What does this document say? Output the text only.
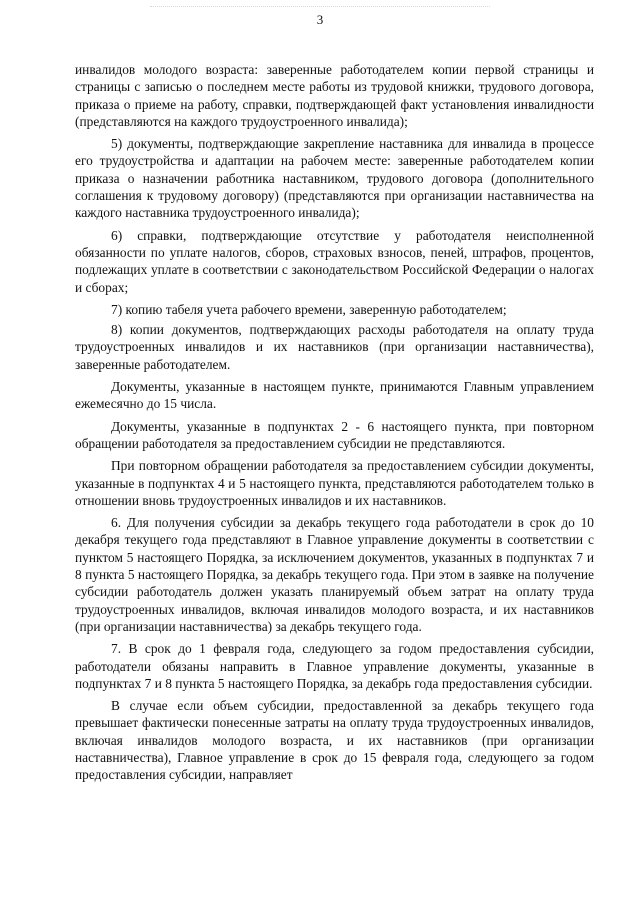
3

инвалидов молодого возраста: заверенные работодателем копии первой страницы и страницы с записью о последнем месте работы из трудовой книжки, трудового договора, приказа о приеме на работу, справки, подтверждающей факт установления инвалидности (представляются на каждого трудоустроенного инвалида);

5) документы, подтверждающие закрепление наставника для инвалида в процессе его трудоустройства и адаптации на рабочем месте: заверенные работодателем копии приказа о назначении работника наставником, трудового договора (дополнительного соглашения к трудовому договору) (представляются при организации наставничества на каждого наставника трудоустроенного инвалида);

6) справки, подтверждающие отсутствие у работодателя неисполненной обязанности по уплате налогов, сборов, страховых взносов, пеней, штрафов, процентов, подлежащих уплате в соответствии с законодательством Российской Федерации о налогах и сборах;

7) копию табеля учета рабочего времени, заверенную работодателем;

8) копии документов, подтверждающих расходы работодателя на оплату труда трудоустроенных инвалидов и их наставников (при организации наставничества), заверенные работодателем.

Документы, указанные в настоящем пункте, принимаются Главным управлением ежемесячно до 15 числа.

Документы, указанные в подпунктах 2 - 6 настоящего пункта, при повторном обращении работодателя за предоставлением субсидии не представляются.

При повторном обращении работодателя за предоставлением субсидии документы, указанные в подпунктах 4 и 5 настоящего пункта, представляются работодателем только в отношении вновь трудоустроенных инвалидов и их наставников.

6. Для получения субсидии за декабрь текущего года работодатели в срок до 10 декабря текущего года представляют в Главное управление документы в соответствии с пунктом 5 настоящего Порядка, за исключением документов, указанных в подпунктах 7 и 8 пункта 5 настоящего Порядка, за декабрь текущего года. При этом в заявке на получение субсидии работодатель должен указать планируемый объем затрат на оплату труда трудоустроенных инвалидов, включая инвалидов молодого возраста, и их наставников (при организации наставничества) за декабрь текущего года.

7. В срок до 1 февраля года, следующего за годом предоставления субсидии, работодатели обязаны направить в Главное управление документы, указанные в подпунктах 7 и 8 пункта 5 настоящего Порядка, за декабрь года предоставления субсидии.

В случае если объем субсидии, предоставленной за декабрь текущего года превышает фактически понесенные затраты на оплату труда трудоустроенных инвалидов, включая инвалидов молодого возраста, и их наставников (при организации наставничества), Главное управление в срок до 15 февраля года, следующего за годом предоставления субсидии, направляет
